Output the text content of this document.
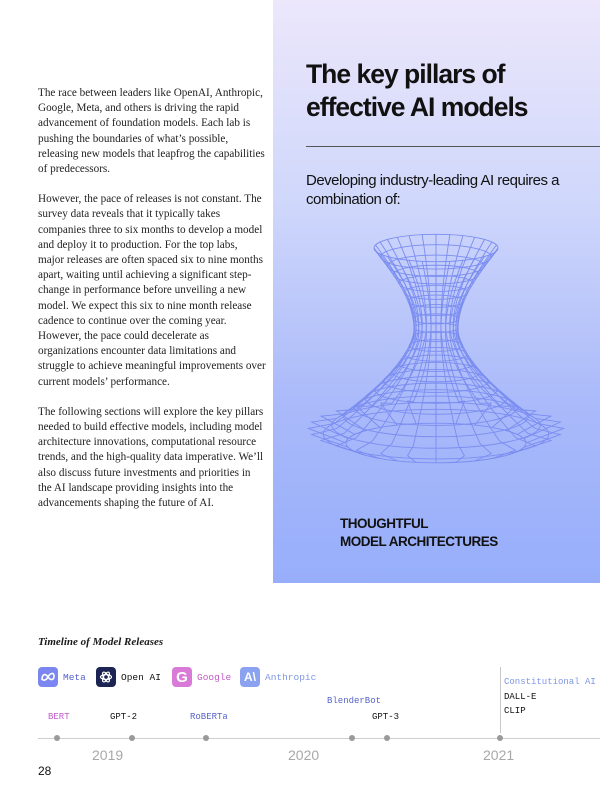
The race between leaders like OpenAI, Anthropic, Google, Meta, and others is driving the rapid advancement of foundation models. Each lab is pushing the boundaries of what’s possible, releasing new models that leapfrog the capabilities of predecessors.

However, the pace of releases is not constant. The survey data reveals that it typically takes companies three to six months to develop a model and deploy it to production. For the top labs, major releases are often spaced six to nine months apart, waiting until achieving a significant step-change in performance before unveiling a new model. We expect this six to nine month release cadence to continue over the coming year. However, the pace could decelerate as organizations encounter data limitations and struggle to achieve meaningful improvements over current models’ performance.

The following sections will explore the key pillars needed to build effective models, including model architecture innovations, computational resource trends, and the high-quality data imperative. We’ll also discuss future investments and priorities in the AI landscape providing insights into the advancements shaping the future of AI.

The key pillars of effective AI models

Developing industry-leading AI requires a combination of:

THOUGHTFUL
MODEL ARCHITECTURES

Timeline of Model Releases

Meta	Open AI G Google	A\ Anthropic
BERT	GPT-2	RoBERTa
BlenderBot
GPT-3
Constitutional AI
DALL-E
CLIP
2019	2020	2021
28
